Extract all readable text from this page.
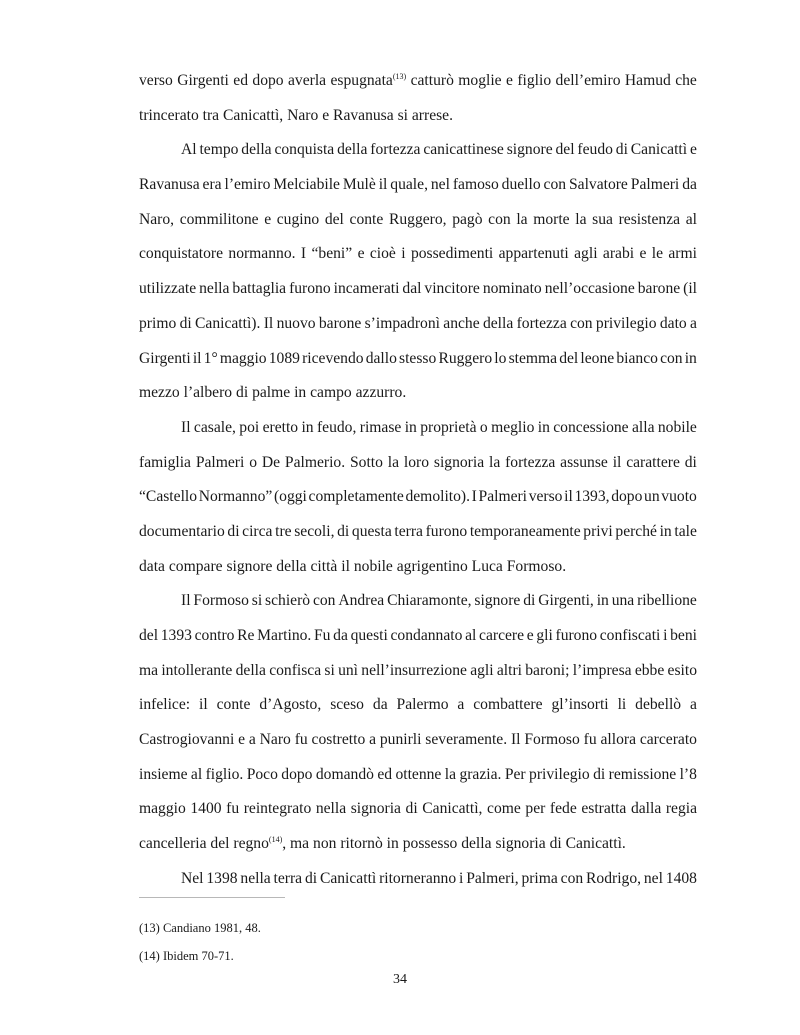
verso Girgenti ed dopo averla espugnata$^{(13)}$ catturò moglie e figlio dell’emiro Hamud che
trincerato tra Canicattì, Naro e Ravanusa si arrese.
Al tempo della conquista della fortezza canicattinese signore del feudo di Canicattì e
Ravanusa era l’emiro Melciabile Mulè il quale, nel famoso duello con Salvatore Palmeri da
Naro, commilitone e cugino del conte Ruggero, pagò con la morte la sua resistenza al
conquistatore normanno. I “beni” e cioè i possedimenti appartenuti agli arabi e le armi
utilizzate nella battaglia furono incamerati dal vincitore nominato nell’occasione barone (il
primo di Canicattì). Il nuovo barone s’impadronì anche della fortezza con privilegio dato a
Girgenti il 1° maggio 1089 ricevendo dallo stesso Ruggero lo stemma del leone bianco con in
mezzo l’albero di palme in campo azzurro.
Il casale, poi eretto in feudo, rimase in proprietà o meglio in concessione alla nobile
famiglia Palmeri o De Palmerio. Sotto la loro signoria la fortezza assunse il carattere di
“Castello Normanno” (oggi completamente demolito). I Palmeri verso il 1393, dopo un vuoto
documentario di circa tre secoli, di questa terra furono temporaneamente privi perché in tale
data compare signore della città il nobile agrigentino Luca Formoso.
Il Formoso si schierò con Andrea Chiaramonte, signore di Girgenti, in una ribellione
del 1393 contro Re Martino. Fu da questi condannato al carcere e gli furono confiscati i beni
ma intollerante della confisca si unì nell’insurrezione agli altri baroni; l’impresa ebbe esito
infelice: il conte d’Agosto, sceso da Palermo a combattere gl’insorti li debellò a
Castrogiovanni e a Naro fu costretto a punirli severamente. Il Formoso fu allora carcerato
insieme al figlio. Poco dopo domandò ed ottenne la grazia. Per privilegio di remissione l’8
maggio 1400 fu reintegrato nella signoria di Canicattì, come per fede estratta dalla regia
cancelleria del regno$^{(14)}$, ma non ritornò in possesso della signoria di Canicattì.
Nel 1398 nella terra di Canicattì ritorneranno i Palmeri, prima con Rodrigo, nel 1408
(13) Candiano 1981, 48.
(14) Ibidem 70-71.
34
